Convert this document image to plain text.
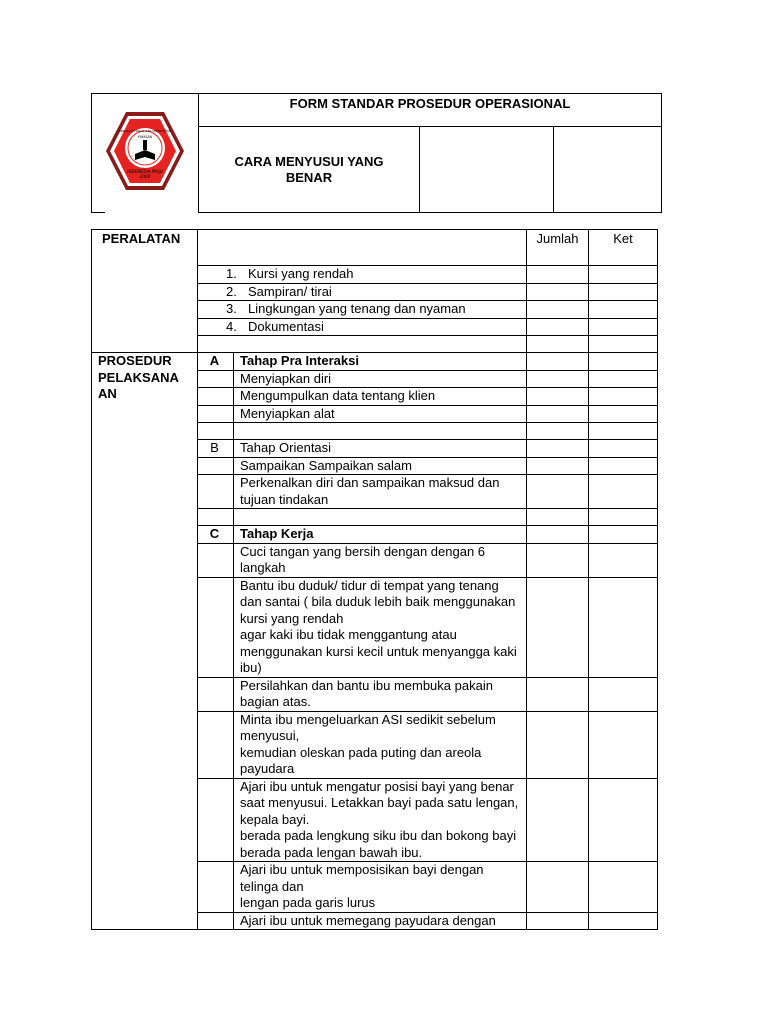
SEKOLAH TINGGI ILMU KESEHATAN
YAYASAN
INDONESIA MAJU
2000	FORM STANDAR PROSEDUR OPERASIONAL		
	CARA MENYUSUI YANG
BENAR		
PERALATAN			Jumlah	Ket
	1. Kursi yang rendah			
	2. Sampiran/ tirai			
	3. Lingkungan yang tenang dan nyaman			
	4. Dokumentasi			

PROSEDUR
PELAKSANA
AN	A	Tahap Pra Interaksi		
		Menyiapkan diri		
		Mengumpulkan data tentang klien		
		Menyiapkan alat		

	B	Tahap Orientasi		
		Sampaikan Sampaikan salam		
		Perkenalkan diri dan sampaikan maksud dan tujuan tindakan		

	C	Tahap Kerja		
		Cuci tangan yang bersih dengan dengan 6 langkah		
		Bantu ibu duduk/ tidur di tempat yang tenang dan santai ( bila duduk lebih baik menggunakan kursi yang rendah
agar kaki ibu tidak menggantung atau menggunakan kursi kecil untuk menyangga kaki ibu)		
		Persilahkan dan bantu ibu membuka pakain bagian atas.		
		Minta ibu mengeluarkan ASI sedikit sebelum menyusui,
kemudian oleskan pada puting dan areola payudara		
		Ajari ibu untuk mengatur posisi bayi yang benar saat menyusui. Letakkan bayi pada satu lengan, kepala bayi.
berada pada lengkung siku ibu dan bokong bayi berada pada lengan bawah ibu.		
		Ajari ibu untuk memposisikan bayi dengan telinga dan
lengan pada garis lurus		
		Ajari ibu untuk memegang payudara dengan		
